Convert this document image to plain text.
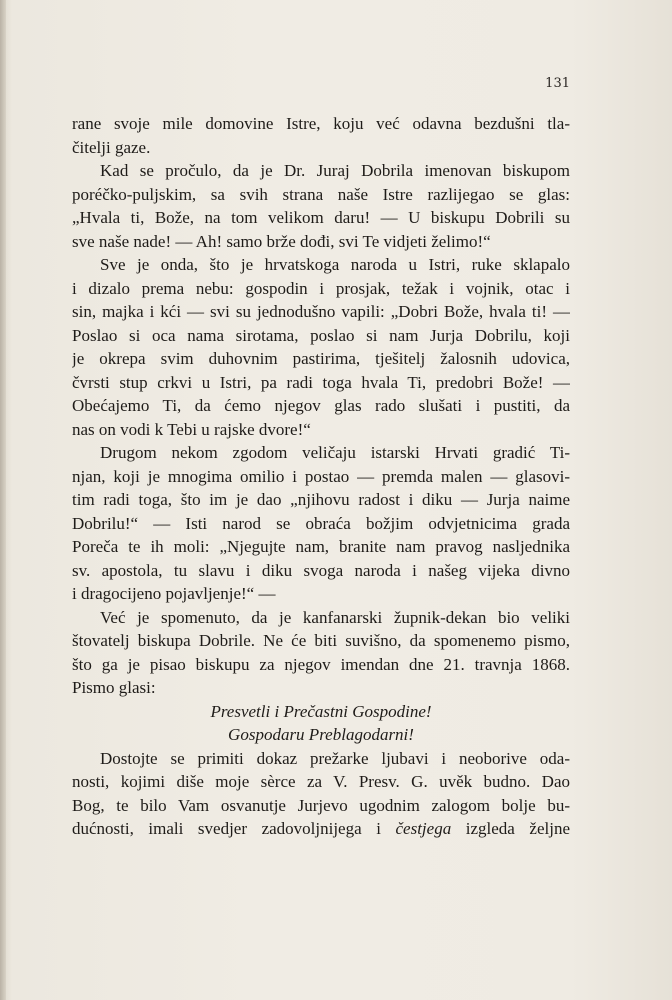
131
rane svoje mile domovine Istre, koju već odavna bezdušni tla-
čitelji gaze.
Kad se pročulo, da je Dr. Juraj Dobrila imenovan biskupom
poréčko-puljskim, sa svih strana naše Istre razlijegao se glas:
„Hvala ti, Bože, na tom velikom daru! — U biskupu Dobrili su
sve naše nade! — Ah! samo brže dođi, svi Te vidjeti želimo!“
Sve je onda, što je hrvatskoga naroda u Istri, ruke sklapalo
i dizalo prema nebu: gospodin i prosjak, težak i vojnik, otac i
sin, majka i kći — svi su jednodušno vapili: „Dobri Bože, hvala ti! —
Poslao si oca nama sirotama, poslao si nam Jurja Dobrilu, koji
je okrepa svim duhovnim pastirima, tješitelj žalosnih udovica,
čvrsti stup crkvi u Istri, pa radi toga hvala Ti, predobri Bože! —
Obećajemo Ti, da ćemo njegov glas rado slušati i pustiti, da
nas on vodi k Tebi u rajske dvore!“
Drugom nekom zgodom veličaju istarski Hrvati gradić Ti-
njan, koji je mnogima omilio i postao — premda malen — glasovi-
tim radi toga, što im je dao „njihovu radost i diku — Jurja naime
Dobrilu!“ — Isti narod se obraća božjim odvjetnicima grada
Poreča te ih moli: „Njegujte nam, branite nam pravog nasljednika
sv. apostola, tu slavu i diku svoga naroda i našeg vijeka divno
i dragocijeno pojavljenje!“ —
Već je spomenuto, da je kanfanarski župnik-dekan bio veliki
štovatelj biskupa Dobrile. Ne će biti suvišno, da spomenemo pismo,
što ga je pisao biskupu za njegov imendan dne 21. travnja 1868.
Pismo glasi:
Presvetli i Prečastni Gospodine!
Gospodaru Preblagodarni!
Dostojte se primiti dokaz prežarke ljubavi i neoborive oda-
nosti, kojimi diše moje sèrce za V. Presv. G. uvěk budno. Dao
Bog, te bilo Vam osvanutje Jurjevo ugodnim zalogom bolje bu-
dućnosti, imali svedjer zadovoljnijega i čestjega izgleda željne
